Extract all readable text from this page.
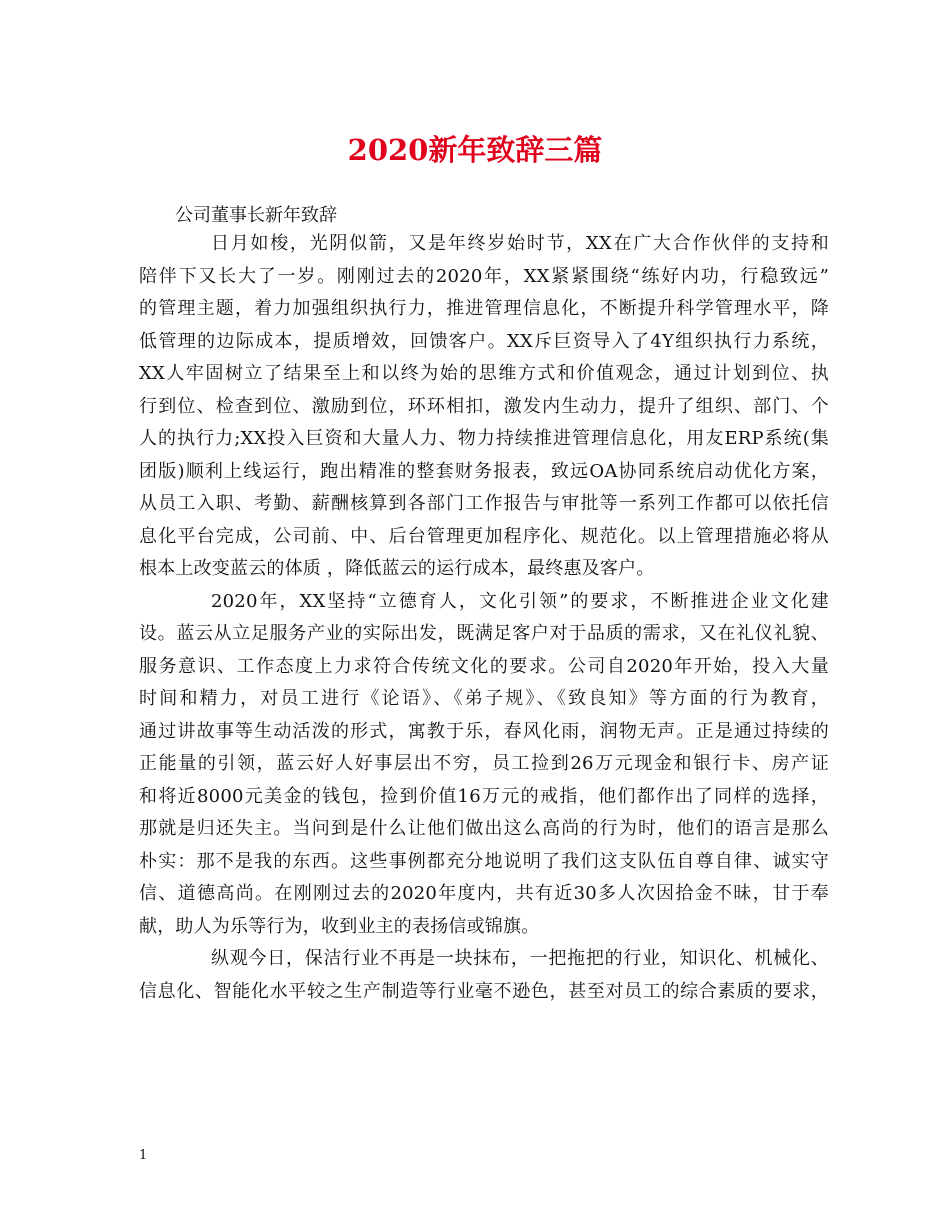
2020新年致辞三篇

公司董事长新年致辞

日月如梭，光阴似箭，又是年终岁始时节，XX在广大合作伙伴的支持和
陪伴下又长大了一岁。刚刚过去的2020年，XX紧紧围绕“练好内功，行稳致远”
的管理主题，着力加强组织执行力，推进管理信息化，不断提升科学管理水平，降
低管理的边际成本，提质增效，回馈客户。XX斥巨资导入了4Y组织执行力系统，
XX人牢固树立了结果至上和以终为始的思维方式和价值观念，通过计划到位、执
行到位、检查到位、激励到位，环环相扣，激发内生动力，提升了组织、部门、个
人的执行力;XX投入巨资和大量人力、物力持续推进管理信息化，用友ERP系统(集
团版)顺利上线运行，跑出精准的整套财务报表，致远OA协同系统启动优化方案，
从员工入职、考勤、薪酬核算到各部门工作报告与审批等一系列工作都可以依托信
息化平台完成，公司前、中、后台管理更加程序化、规范化。以上管理措施必将从
根本上改变蓝云的体质 ，降低蓝云的运行成本，最终惠及客户。
2020年，XX坚持“立德育人，文化引领”的要求，不断推进企业文化建
设。蓝云从立足服务产业的实际出发，既满足客户对于品质的需求，又在礼仪礼貌、
服务意识、工作态度上力求符合传统文化的要求。公司自2020年开始，投入大量
时间和精力，对员工进行《论语》、《弟子规》、《致良知》等方面的行为教育，
通过讲故事等生动活泼的形式，寓教于乐，春风化雨，润物无声。正是通过持续的
正能量的引领，蓝云好人好事层出不穷，员工捡到26万元现金和银行卡、房产证
和将近8000元美金的钱包，捡到价值16万元的戒指，他们都作出了同样的选择，
那就是归还失主。当问到是什么让他们做出这么高尚的行为时，他们的语言是那么
朴实：那不是我的东西。这些事例都充分地说明了我们这支队伍自尊自律、诚实守
信、道德高尚。在刚刚过去的2020年度内，共有近30多人次因拾金不昧，甘于奉
献，助人为乐等行为，收到业主的表扬信或锦旗。
纵观今日，保洁行业不再是一块抹布，一把拖把的行业，知识化、机械化、
信息化、智能化水平较之生产制造等行业毫不逊色，甚至对员工的综合素质的要求，
1
